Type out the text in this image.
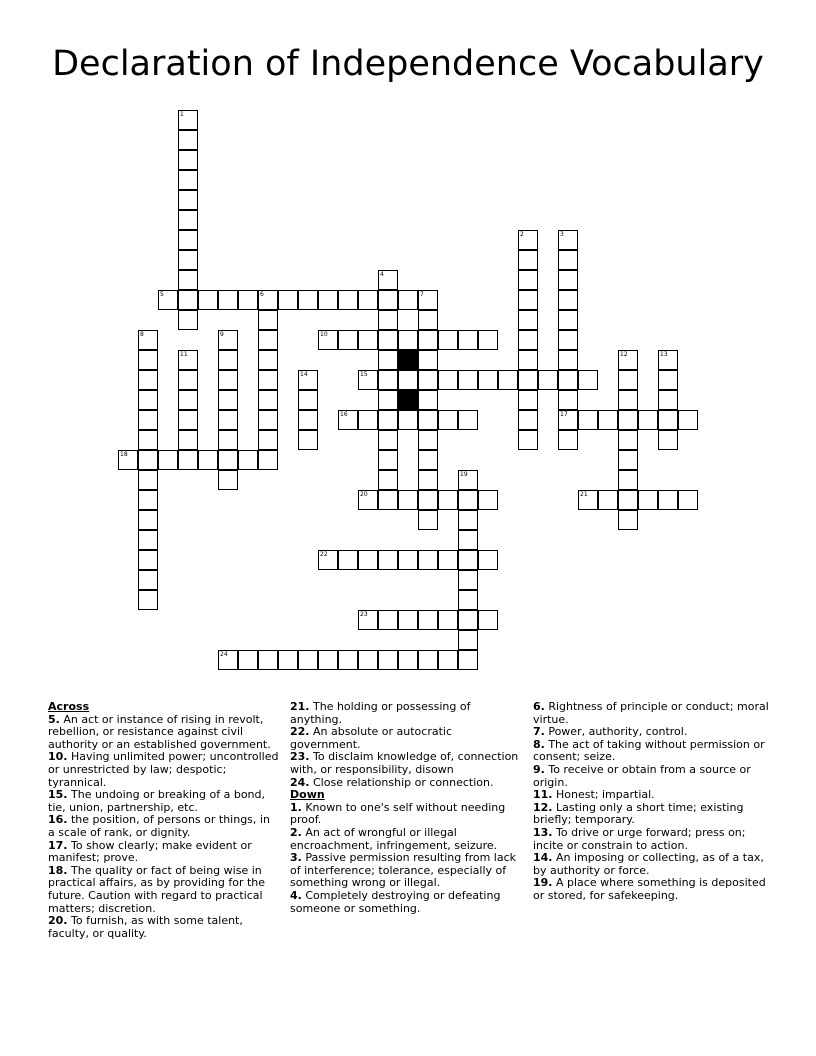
Declaration of Independence Vocabulary
1
2	3
17
4
5	6	7
8	9	10
11	12	13
14	15
16
18
19
20	21
22
23
24
Across
5. An act or instance of rising in revolt, rebellion, or resistance against civil authority or an established government.
10. Having unlimited power; uncontrolled or unrestricted by law; despotic; tyrannical.
15. The undoing or breaking of a bond, tie, union, partnership, etc.
16. the position, of persons or things, in a scale of rank, or dignity.
17. To show clearly; make evident or manifest; prove.
18. The quality or fact of being wise in practical affairs, as by providing for the future. Caution with regard to practical matters; discretion.
20. To furnish, as with some talent, faculty, or quality.
21. The holding or possessing of anything.
22. An absolute or autocratic government.
23. To disclaim knowledge of, connection with, or responsibility, disown
24. Close relationship or connection.
Down
1. Known to one's self without needing proof.
2. An act of wrongful or illegal encroachment, infringement, seizure.
3. Passive permission resulting from lack of interference; tolerance, especially of something wrong or illegal.
4. Completely destroying or defeating someone or something.
6. Rightness of principle or conduct; moral virtue.
7. Power, authority, control.
8. The act of taking without permission or consent; seize.
9. To receive or obtain from a source or origin.
11. Honest; impartial.
12. Lasting only a short time; existing briefly; temporary.
13. To drive or urge forward; press on; incite or constrain to action.
14. An imposing or collecting, as of a tax, by authority or force.
19. A place where something is deposited or stored, for safekeeping.
